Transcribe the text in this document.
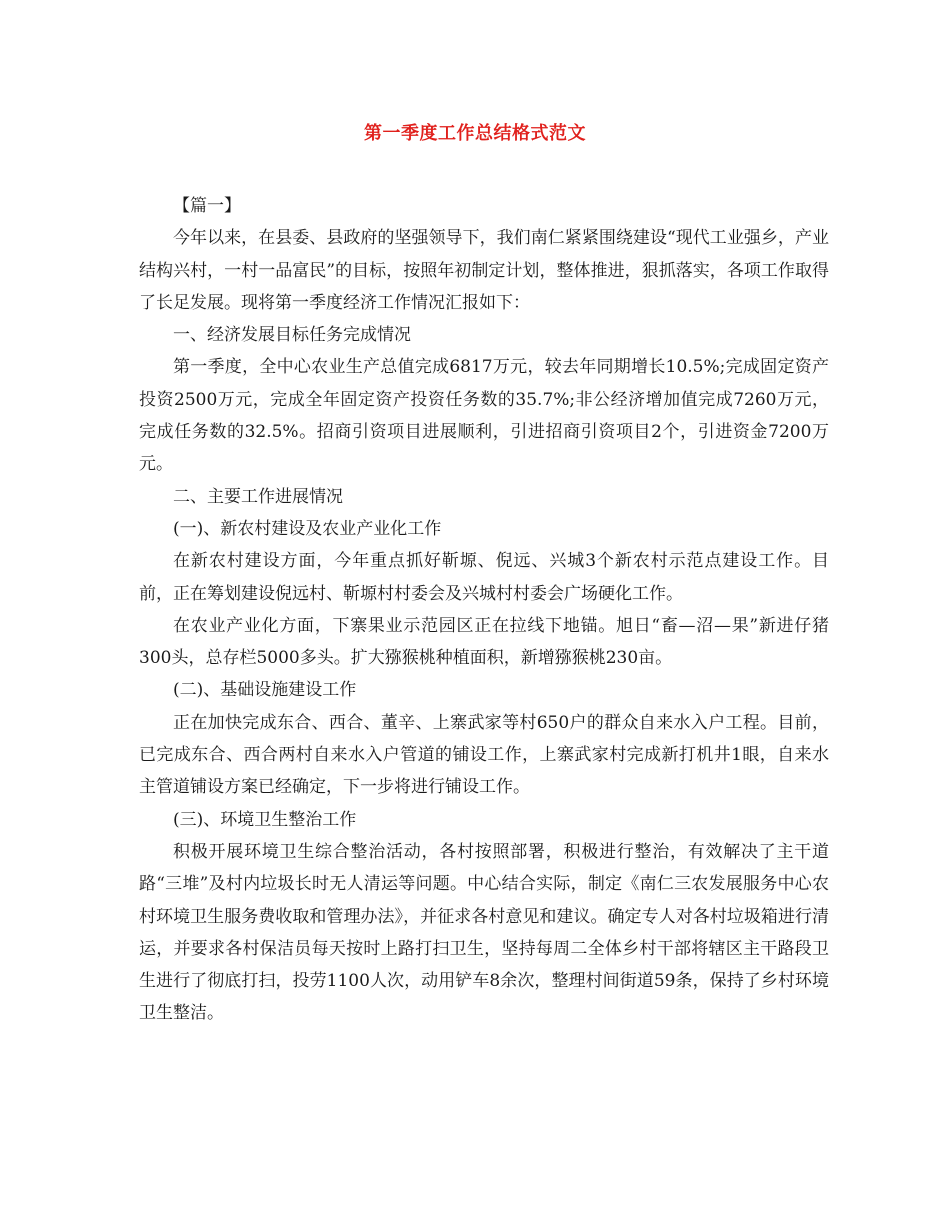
第一季度工作总结格式范文

【篇一】

今年以来，在县委、县政府的坚强领导下，我们南仁紧紧围绕建设“现代工业强乡，产业结构兴村，一村一品富民”的目标，按照年初制定计划，整体推进，狠抓落实，各项工作取得了长足发展。现将第一季度经济工作情况汇报如下：

一、经济发展目标任务完成情况

第一季度，全中心农业生产总值完成6817万元，较去年同期增长10.5%;完成固定资产投资2500万元，完成全年固定资产投资任务数的35.7%;非公经济增加值完成7260万元，完成任务数的32.5%。招商引资项目进展顺利，引进招商引资项目2个，引进资金7200万元。

二、主要工作进展情况

(一)、新农村建设及农业产业化工作

在新农村建设方面，今年重点抓好靳塬、倪远、兴城3个新农村示范点建设工作。目前，正在筹划建设倪远村、靳塬村村委会及兴城村村委会广场硬化工作。

在农业产业化方面，下寨果业示范园区正在拉线下地锚。旭日“畜—沼—果”新进仔猪300头，总存栏5000多头。扩大猕猴桃种植面积，新增猕猴桃230亩。

(二)、基础设施建设工作

正在加快完成东合、西合、董辛、上寨武家等村650户的群众自来水入户工程。目前，已完成东合、西合两村自来水入户管道的铺设工作，上寨武家村完成新打机井1眼，自来水主管道铺设方案已经确定，下一步将进行铺设工作。

(三)、环境卫生整治工作

积极开展环境卫生综合整治活动，各村按照部署，积极进行整治，有效解决了主干道路“三堆”及村内垃圾长时无人清运等问题。中心结合实际，制定《南仁三农发展服务中心农村环境卫生服务费收取和管理办法》，并征求各村意见和建议。确定专人对各村垃圾箱进行清运，并要求各村保洁员每天按时上路打扫卫生，坚持每周二全体乡村干部将辖区主干路段卫生进行了彻底打扫，投劳1100人次，动用铲车8余次，整理村间街道59条，保持了乡村环境卫生整洁。
